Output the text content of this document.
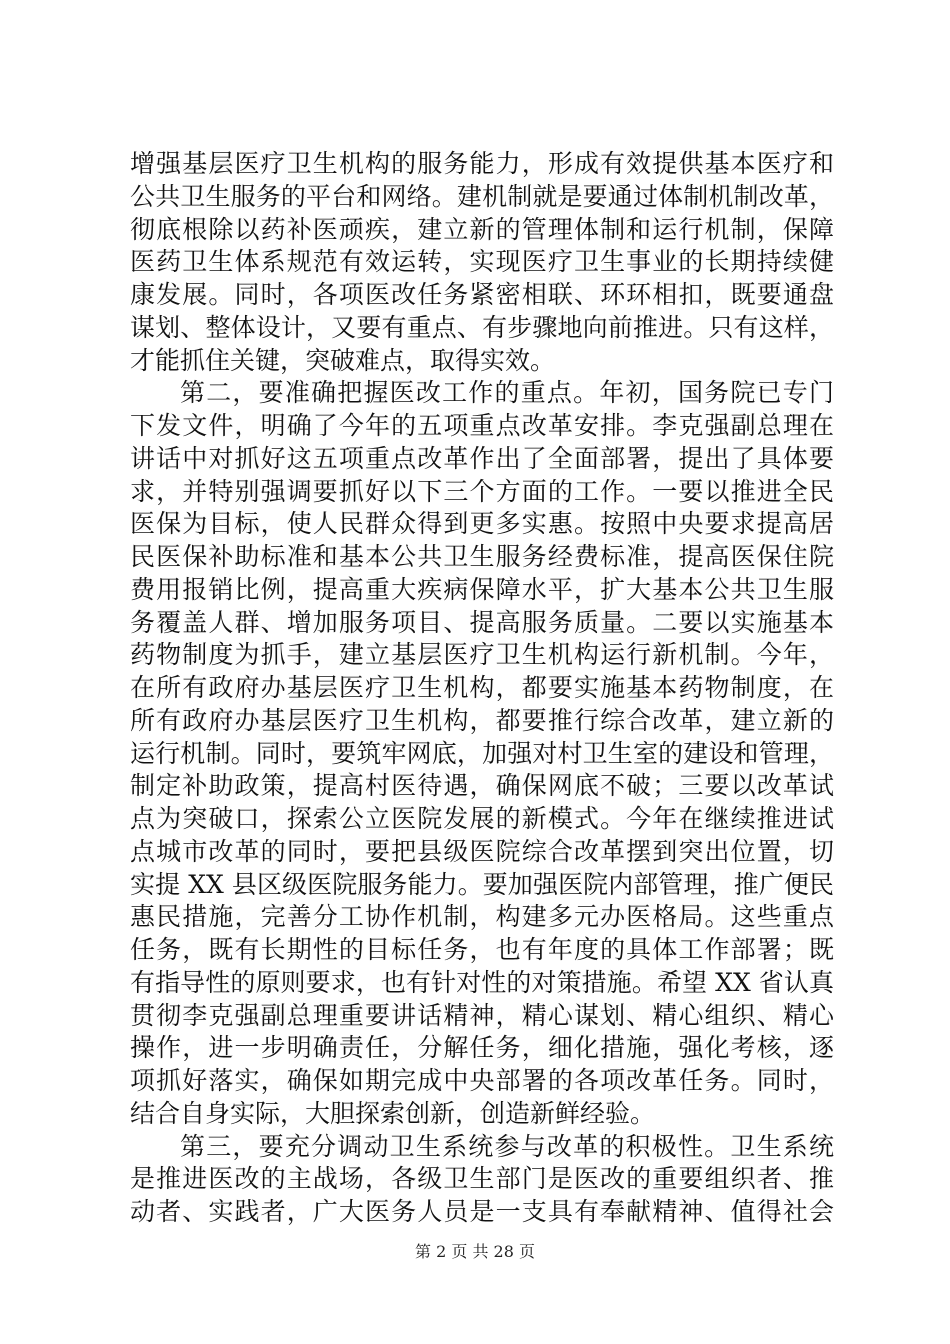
增强基层医疗卫生机构的服务能力，形成有效提供基本医疗和
公共卫生服务的平台和网络。建机制就是要通过体制机制改革，
彻底根除以药补医顽疾，建立新的管理体制和运行机制，保障
医药卫生体系规范有效运转，实现医疗卫生事业的长期持续健
康发展。同时，各项医改任务紧密相联、环环相扣，既要通盘
谋划、整体设计，又要有重点、有步骤地向前推进。只有这样，
才能抓住关键，突破难点，取得实效。
第二，要准确把握医改工作的重点。年初，国务院已专门
下发文件，明确了今年的五项重点改革安排。李克强副总理在
讲话中对抓好这五项重点改革作出了全面部署，提出了具体要
求，并特别强调要抓好以下三个方面的工作。一要以推进全民
医保为目标，使人民群众得到更多实惠。按照中央要求提高居
民医保补助标准和基本公共卫生服务经费标准，提高医保住院
费用报销比例，提高重大疾病保障水平，扩大基本公共卫生服
务覆盖人群、增加服务项目、提高服务质量。二要以实施基本
药物制度为抓手，建立基层医疗卫生机构运行新机制。今年，
在所有政府办基层医疗卫生机构，都要实施基本药物制度，在
所有政府办基层医疗卫生机构，都要推行综合改革，建立新的
运行机制。同时，要筑牢网底，加强对村卫生室的建设和管理，
制定补助政策，提高村医待遇，确保网底不破；三要以改革试
点为突破口，探索公立医院发展的新模式。今年在继续推进试
点城市改革的同时，要把县级医院综合改革摆到突出位置，切
实提 XX 县区级医院服务能力。要加强医院内部管理，推广便民
惠民措施，完善分工协作机制，构建多元办医格局。这些重点
任务，既有长期性的目标任务，也有年度的具体工作部署；既
有指导性的原则要求，也有针对性的对策措施。希望 XX 省认真
贯彻李克强副总理重要讲话精神，精心谋划、精心组织、精心
操作，进一步明确责任，分解任务，细化措施，强化考核，逐
项抓好落实，确保如期完成中央部署的各项改革任务。同时，
结合自身实际，大胆探索创新，创造新鲜经验。
第三，要充分调动卫生系统参与改革的积极性。卫生系统
是推进医改的主战场，各级卫生部门是医改的重要组织者、推
动者、实践者，广大医务人员是一支具有奉献精神、值得社会
第 2 页 共 28 页
